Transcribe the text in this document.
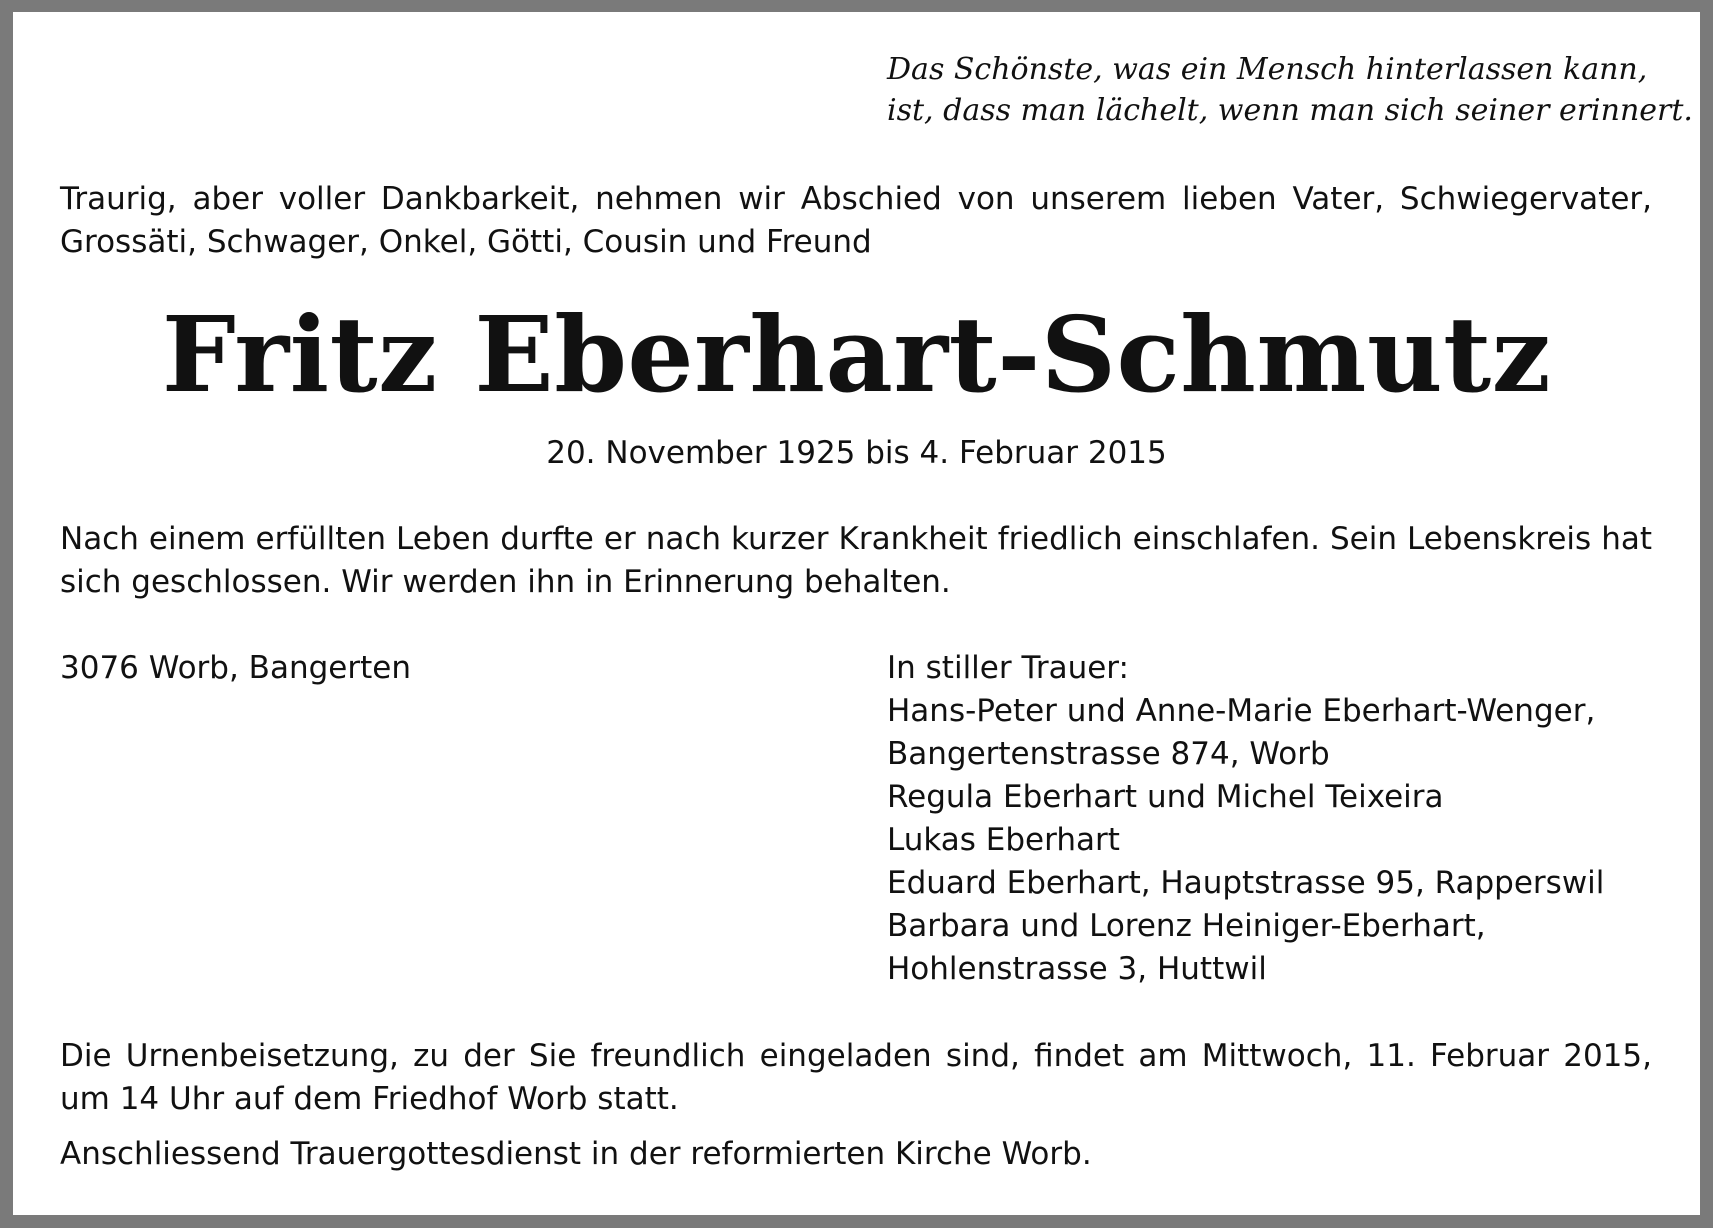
Das Schönste, was ein Mensch hinterlassen kann,
ist, dass man lächelt, wenn man sich seiner erinnert.

Traurig, aber voller Dankbarkeit, nehmen wir Abschied von unserem lieben Vater, Schwiegervater, Grossäti, Schwager, Onkel, Götti, Cousin und Freund

Fritz Eberhart-Schmutz

20. November 1925 bis 4. Februar 2015

Nach einem erfüllten Leben durfte er nach kurzer Krankheit friedlich einschlafen. Sein Lebenskreis hat sich geschlossen. Wir werden ihn in Erinnerung behalten.

3076 Worb, Bangerten	In stiller Trauer:
Hans-Peter und Anne-Marie Eberhart-Wenger,
Bangertenstrasse 874, Worb
Regula Eberhart und Michel Teixeira
Lukas Eberhart
Eduard Eberhart, Hauptstrasse 95, Rapperswil
Barbara und Lorenz Heiniger-Eberhart,
Hohlenstrasse 3, Huttwil

Die Urnenbeisetzung, zu der Sie freundlich eingeladen sind, findet am Mittwoch, 11. Februar 2015, um 14 Uhr auf dem Friedhof Worb statt.

Anschliessend Trauergottesdienst in der reformierten Kirche Worb.
